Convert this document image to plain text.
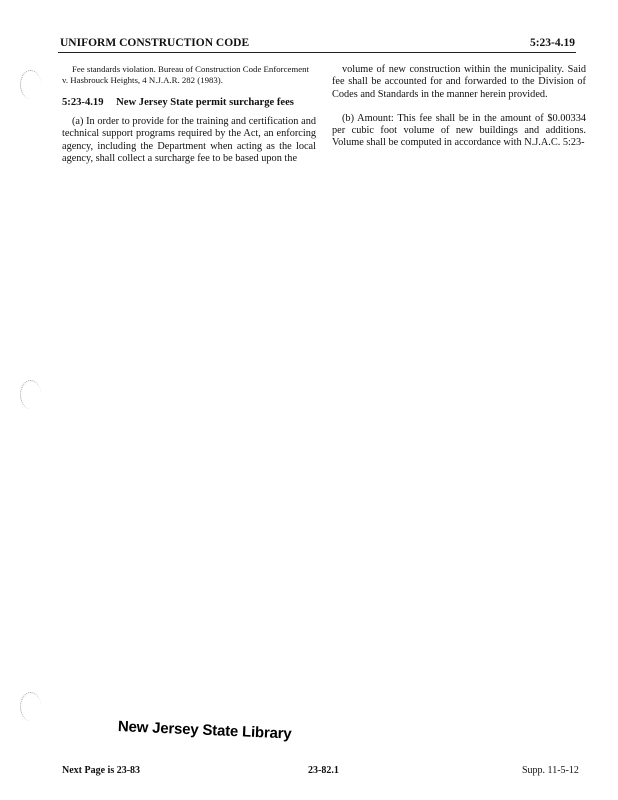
UNIFORM CONSTRUCTION CODE	5:23-4.19

Fee standards violation. Bureau of Construction Code Enforcement v. Hasbrouck Heights, 4 N.J.A.R. 282 (1983).

5:23-4.19 New Jersey State permit surcharge fees

(a) In order to provide for the training and certification and technical support programs required by the Act, an enforcing agency, including the Department when acting as the local agency, shall collect a surcharge fee to be based upon the

volume of new construction within the municipality. Said fee shall be accounted for and forwarded to the Division of Codes and Standards in the manner herein provided.

(b) Amount: This fee shall be in the amount of $0.00334 per cubic foot volume of new buildings and additions. Volume shall be computed in accordance with N.J.A.C. 5:23-

New Jersey State Library
Next Page is 23-83	23-82.1	Supp. 11-5-12
